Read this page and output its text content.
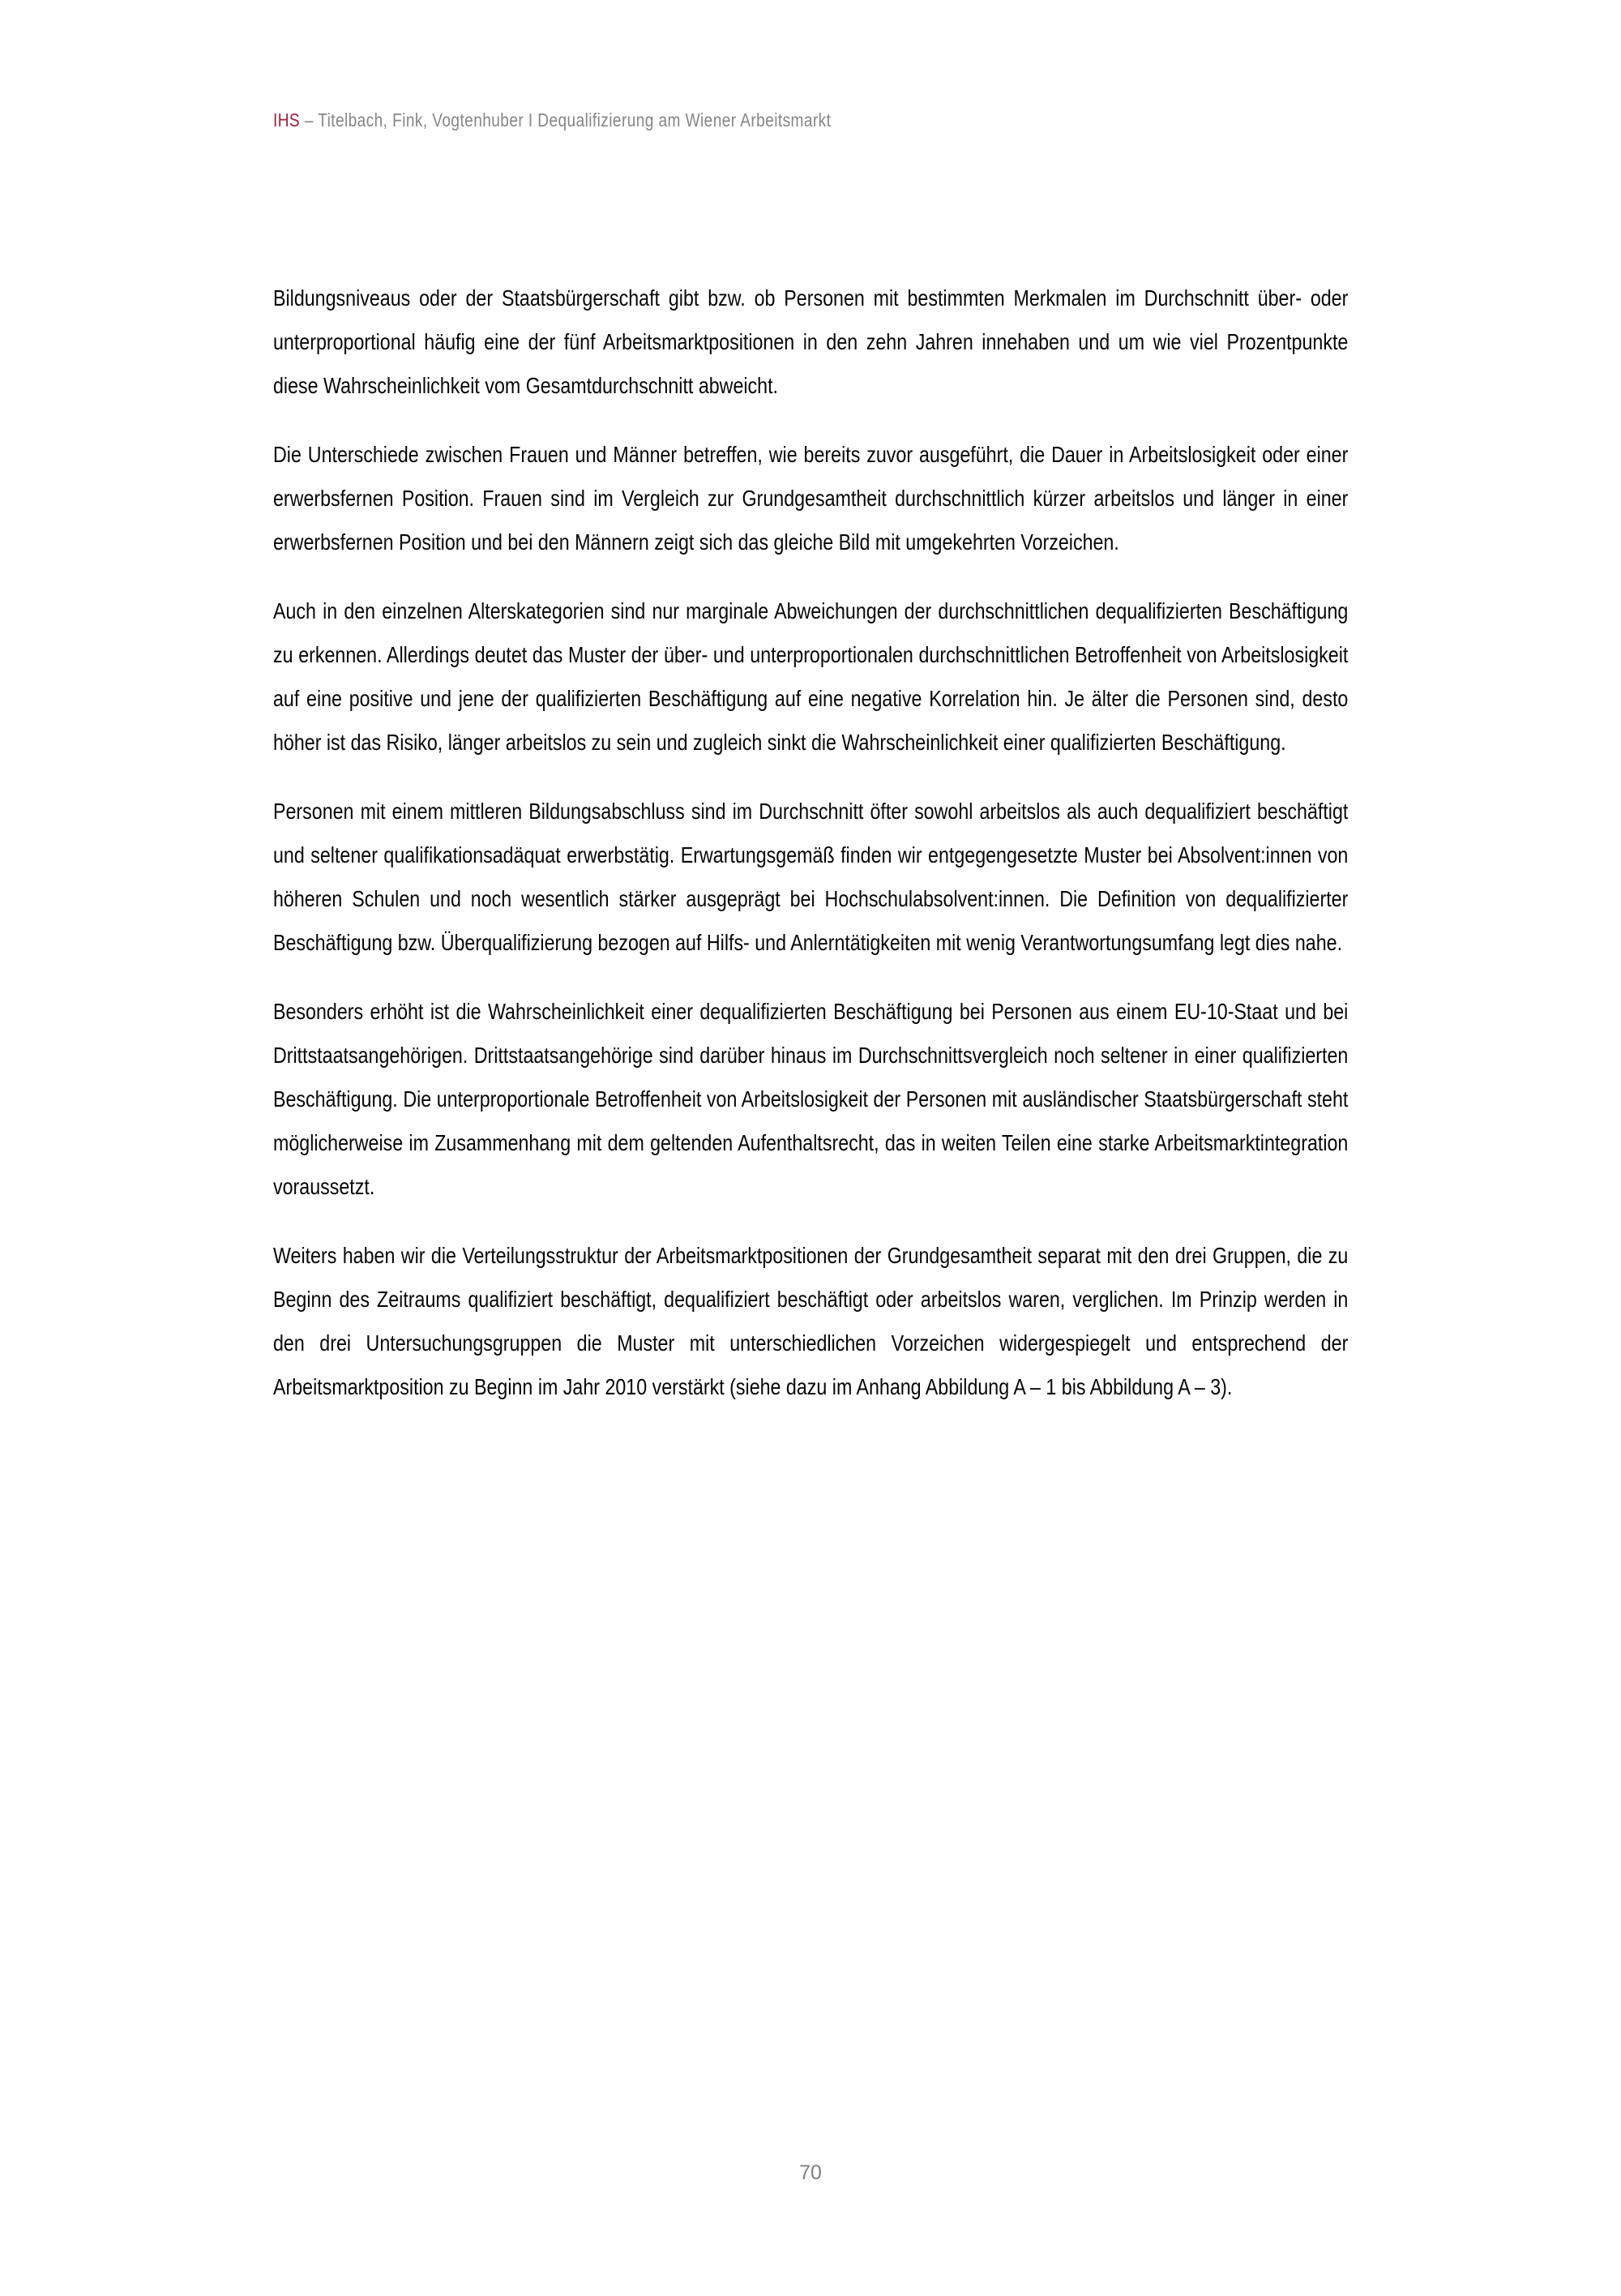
IHS – Titelbach, Fink, Vogtenhuber I Dequalifizierung am Wiener Arbeitsmarkt

Bildungsniveaus oder der Staatsbürgerschaft gibt bzw. ob Personen mit bestimmten Merkmalen im Durchschnitt über- oder unterproportional häufig eine der fünf Arbeitsmarktpositionen in den zehn Jahren innehaben und um wie viel Prozentpunkte diese Wahrscheinlichkeit vom Gesamtdurchschnitt abweicht.

Die Unterschiede zwischen Frauen und Männer betreffen, wie bereits zuvor ausgeführt, die Dauer in Arbeitslosigkeit oder einer erwerbsfernen Position. Frauen sind im Vergleich zur Grundgesamtheit durchschnittlich kürzer arbeitslos und länger in einer erwerbsfernen Position und bei den Männern zeigt sich das gleiche Bild mit umgekehrten Vorzeichen.

Auch in den einzelnen Alterskategorien sind nur marginale Abweichungen der durchschnittlichen dequalifizierten Beschäftigung zu erkennen. Allerdings deutet das Muster der über- und unterproportionalen durchschnittlichen Betroffenheit von Arbeitslosigkeit auf eine positive und jene der qualifizierten Beschäftigung auf eine negative Korrelation hin. Je älter die Personen sind, desto höher ist das Risiko, länger arbeitslos zu sein und zugleich sinkt die Wahrscheinlichkeit einer qualifizierten Beschäftigung.

Personen mit einem mittleren Bildungsabschluss sind im Durchschnitt öfter sowohl arbeitslos als auch dequalifiziert beschäftigt und seltener qualifikationsadäquat erwerbstätig. Erwartungsgemäß finden wir entgegengesetzte Muster bei Absolvent:innen von höheren Schulen und noch wesentlich stärker ausgeprägt bei Hochschulabsolvent:innen. Die Definition von dequalifizierter Beschäftigung bzw. Überqualifizierung bezogen auf Hilfs- und Anlerntätigkeiten mit wenig Verantwortungsumfang legt dies nahe.

Besonders erhöht ist die Wahrscheinlichkeit einer dequalifizierten Beschäftigung bei Personen aus einem EU-10-Staat und bei Drittstaatsangehörigen. Drittstaatsangehörige sind darüber hinaus im Durchschnittsvergleich noch seltener in einer qualifizierten Beschäftigung. Die unterproportionale Betroffenheit von Arbeitslosigkeit der Personen mit ausländischer Staatsbürgerschaft steht möglicherweise im Zusammenhang mit dem geltenden Aufenthaltsrecht, das in weiten Teilen eine starke Arbeitsmarktintegration voraussetzt.

Weiters haben wir die Verteilungsstruktur der Arbeitsmarktpositionen der Grundgesamtheit separat mit den drei Gruppen, die zu Beginn des Zeitraums qualifiziert beschäftigt, dequalifiziert beschäftigt oder arbeitslos waren, verglichen. Im Prinzip werden in den drei Untersuchungsgruppen die Muster mit unterschiedlichen Vorzeichen widergespiegelt und entsprechend der Arbeitsmarktposition zu Beginn im Jahr 2010 verstärkt (siehe dazu im Anhang Abbildung A – 1 bis Abbildung A – 3).

70
